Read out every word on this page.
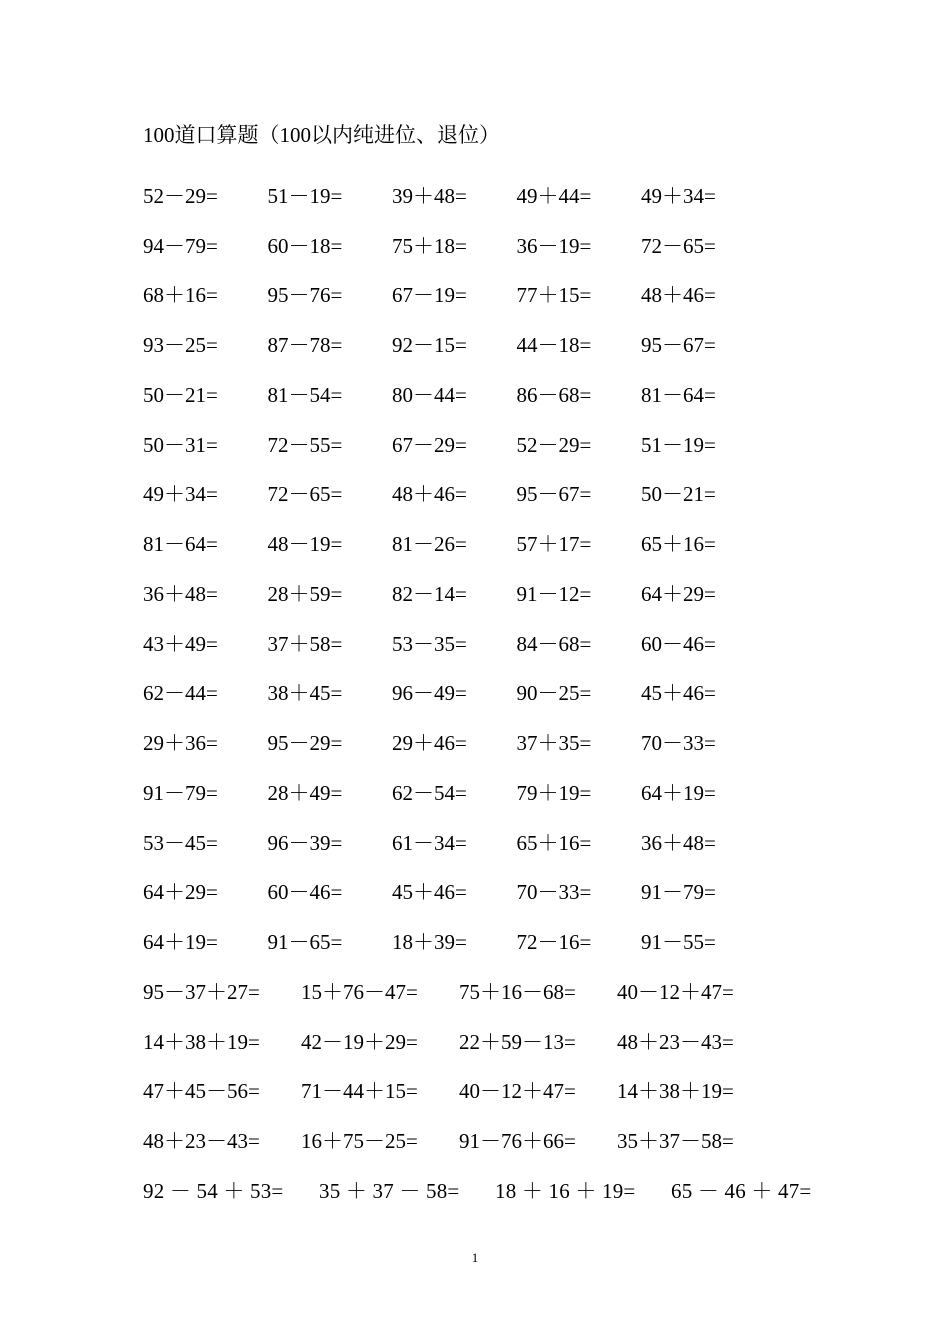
100道口算题（100以内纯进位、退位）
52－29=	51－19=	39＋48=	49＋44=	49＋34=
94－79=	60－18=	75＋18=	36－19=	72－65=
68＋16=	95－76=	67－19=	77＋15=	48＋46=
93－25=	87－78=	92－15=	44－18=	95－67=
50－21=	81－54=	80－44=	86－68=	81－64=
50－31=	72－55=	67－29=	52－29=	51－19=
49＋34=	72－65=	48＋46=	95－67=	50－21=
81－64=	48－19=	81－26=	57＋17=	65＋16=
36＋48=	28＋59=	82－14=	91－12=	64＋29=
43＋49=	37＋58=	53－35=	84－68=	60－46=
62－44=	38＋45=	96－49=	90－25=	45＋46=
29＋36=	95－29=	29＋46=	37＋35=	70－33=
91－79=	28＋49=	62－54=	79＋19=	64＋19=
53－45=	96－39=	61－34=	65＋16=	36＋48=
64＋29=	60－46=	45＋46=	70－33=	91－79=
64＋19=	91－65=	18＋39=	72－16=	91－55=
95－37＋27=	15＋76－47=	75＋16－68=	40－12＋47=
14＋38＋19=	42－19＋29=	22＋59－13=	48＋23－43=
47＋45－56=	71－44＋15=	40－12＋47=	14＋38＋19=
48＋23－43=	16＋75－25=	91－76＋66=	35＋37－58=
92 － 54 ＋ 53=	35 ＋ 37 － 58=	18 ＋ 16 ＋ 19=	65 － 46 ＋ 47=
1
